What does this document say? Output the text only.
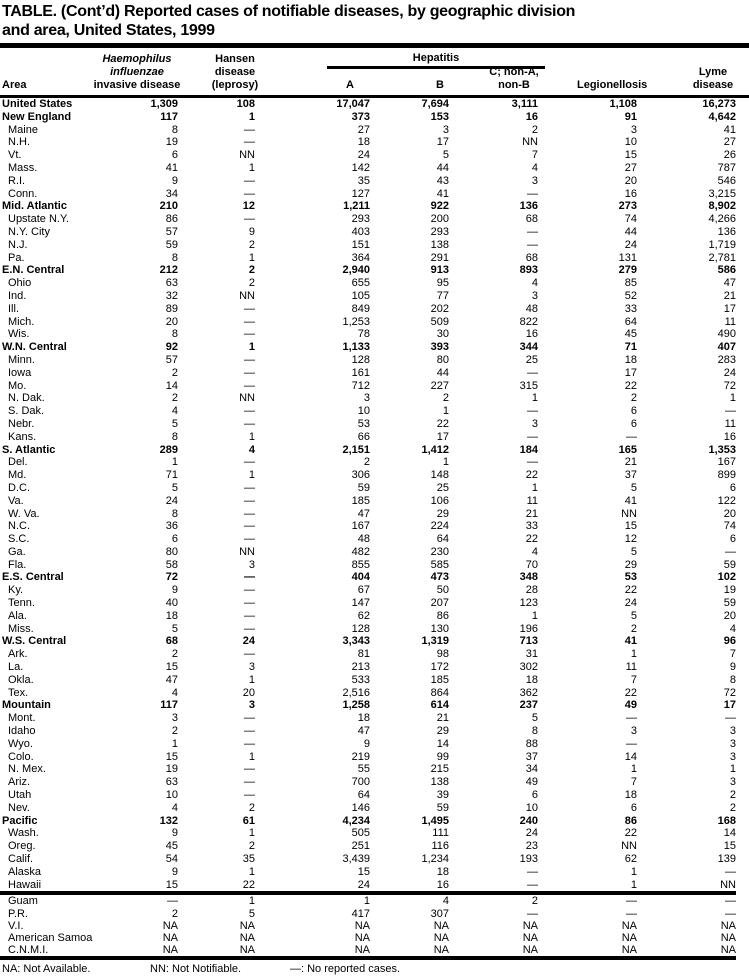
TABLE. (Cont’d) Reported cases of notifiable diseases, by geographic division
and area, United States, 1999
Area
Haemophilus
influenzae
invasive disease
Hansen
disease
(leprosy)
Hepatitis
A	B
C; non-A,
non-B	Legionellosis
Lyme
disease
United States	1,309	108	17,047	7,694	3,111	1,108	16,273
New England	117	1	373	153	16	91	4,642
Maine	8	—	27	3	2	3	41
N.H.	19	—	18	17	NN	10	27
Vt.	6	NN	24	5	7	15	26
Mass.	41	1	142	44	4	27	787
R.I.	9	—	35	43	3	20	546
Conn.	34	—	127	41	—	16	3,215
Mid. Atlantic	210	12	1,211	922	136	273	8,902
Upstate N.Y.	86	—	293	200	68	74	4,266
N.Y. City	57	9	403	293	—	44	136
N.J.	59	2	151	138	—	24	1,719
Pa.	8	1	364	291	68	131	2,781
E.N. Central	212	2	2,940	913	893	279	586
Ohio	63	2	655	95	4	85	47
Ind.	32	NN	105	77	3	52	21
Ill.	89	—	849	202	48	33	17
Mich.	20	—	1,253	509	822	64	11
Wis.	8	—	78	30	16	45	490
W.N. Central	92	1	1,133	393	344	71	407
Minn.	57	—	128	80	25	18	283
Iowa	2	—	161	44	—	17	24
Mo.	14	—	712	227	315	22	72
N. Dak.	2	NN	3	2	1	2	1
S. Dak.	4	—	10	1	—	6	—
Nebr.	5	—	53	22	3	6	11
Kans.	8	1	66	17	—	—	16
S. Atlantic	289	4	2,151	1,412	184	165	1,353
Del.	1	—	2	1	—	21	167
Md.	71	1	306	148	22	37	899
D.C.	5	—	59	25	1	5	6
Va.	24	—	185	106	11	41	122
W. Va.	8	—	47	29	21	NN	20
N.C.	36	—	167	224	33	15	74
S.C.	6	—	48	64	22	12	6
Ga.	80	NN	482	230	4	5	—
Fla.	58	3	855	585	70	29	59
E.S. Central	72	—	404	473	348	53	102
Ky.	9	—	67	50	28	22	19
Tenn.	40	—	147	207	123	24	59
Ala.	18	—	62	86	1	5	20
Miss.	5	—	128	130	196	2	4
W.S. Central	68	24	3,343	1,319	713	41	96
Ark.	2	—	81	98	31	1	7
La.	15	3	213	172	302	11	9
Okla.	47	1	533	185	18	7	8
Tex.	4	20	2,516	864	362	22	72
Mountain	117	3	1,258	614	237	49	17
Mont.	3	—	18	21	5	—	—
Idaho	2	—	47	29	8	3	3
Wyo.	1	—	9	14	88	—	3
Colo.	15	1	219	99	37	14	3
N. Mex.	19	—	55	215	34	1	1
Ariz.	63	—	700	138	49	7	3
Utah	10	—	64	39	6	18	2
Nev.	4	2	146	59	10	6	2
Pacific	132	61	4,234	1,495	240	86	168
Wash.	9	1	505	111	24	22	14
Oreg.	45	2	251	116	23	NN	15
Calif.	54	35	3,439	1,234	193	62	139
Alaska	9	1	15	18	—	1	—
Hawaii	15	22	24	16	—	1	NN
Guam	—	1	1	4	2	—	—
P.R.	2	5	417	307	—	—	—
V.I.	NA	NA	NA	NA	NA	NA	NA
American Samoa	NA	NA	NA	NA	NA	NA	NA
C.N.M.I.	NA	NA	NA	NA	NA	NA	NA
NA: Not Available.	NN: Not Notifiable.	—: No reported cases.
